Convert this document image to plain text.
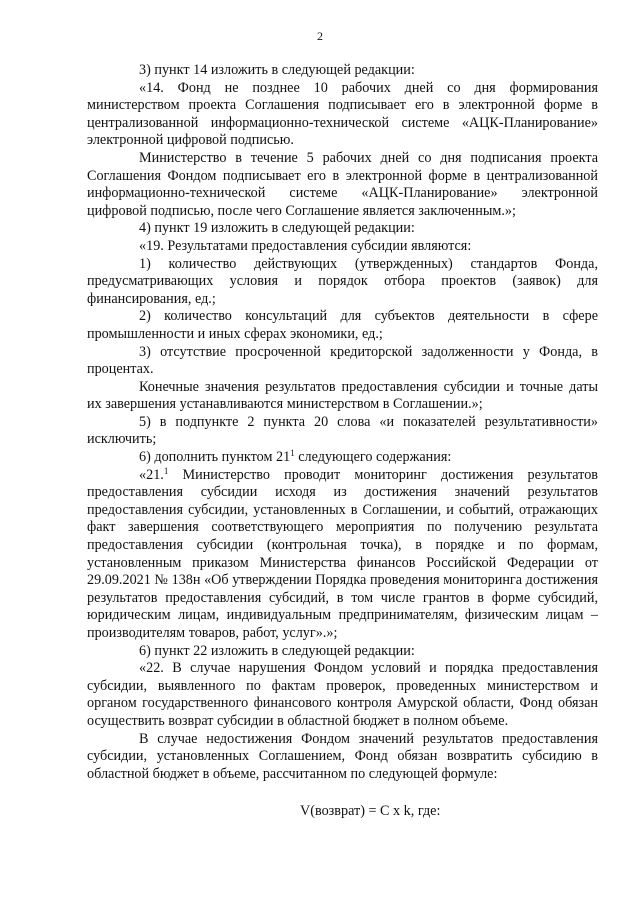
2

3) пункт 14 изложить в следующей редакции:

«14. Фонд не позднее 10 рабочих дней со дня формирования министерством проекта Соглашения подписывает его в электронной форме в централизованной информационно-технической системе «АЦК-Планирование» электронной цифровой подписью.

Министерство в течение 5 рабочих дней со дня подписания проекта Соглашения Фондом подписывает его в электронной форме в централизованной информационно-технической системе «АЦК-Планирование» электронной цифровой подписью, после чего Соглашение является заключенным.»;

4) пункт 19 изложить в следующей редакции:

«19. Результатами предоставления субсидии являются:

1) количество действующих (утвержденных) стандартов Фонда, предусматривающих условия и порядок отбора проектов (заявок) для финансирования, ед.;

2) количество консультаций для субъектов деятельности в сфере промышленности и иных сферах экономики, ед.;

3) отсутствие просроченной кредиторской задолженности у Фонда, в процентах.

Конечные значения результатов предоставления субсидии и точные даты их завершения устанавливаются министерством в Соглашении.»;

5) в подпункте 2 пункта 20 слова «и показателей результативности» исключить;

6) дополнить пунктом $21^1$ следующего содержания:

«21.$^1$ Министерство проводит мониторинг достижения результатов предоставления субсидии исходя из достижения значений результатов предоставления субсидии, установленных в Соглашении, и событий, отражающих факт завершения соответствующего мероприятия по получению результата предоставления субсидии (контрольная точка), в порядке и по формам, установленным приказом Министерства финансов Российской Федерации от 29.09.2021 № 138н «Об утверждении Порядка проведения мониторинга достижения результатов предоставления субсидий, в том числе грантов в форме субсидий, юридическим лицам, индивидуальным предпринимателям, физическим лицам – производителям товаров, работ, услуг».»;

6) пункт 22 изложить в следующей редакции:

«22. В случае нарушения Фондом условий и порядка предоставления субсидии, выявленного по фактам проверок, проведенных министерством и органом государственного финансового контроля Амурской области, Фонд обязан осуществить возврат субсидии в областной бюджет в полном объеме.

В случае недостижения Фондом значений результатов предоставления субсидии, установленных Соглашением, Фонд обязан возвратить субсидию в областной бюджет в объеме, рассчитанном по следующей формуле:

V(возврат) = C x k, где:
